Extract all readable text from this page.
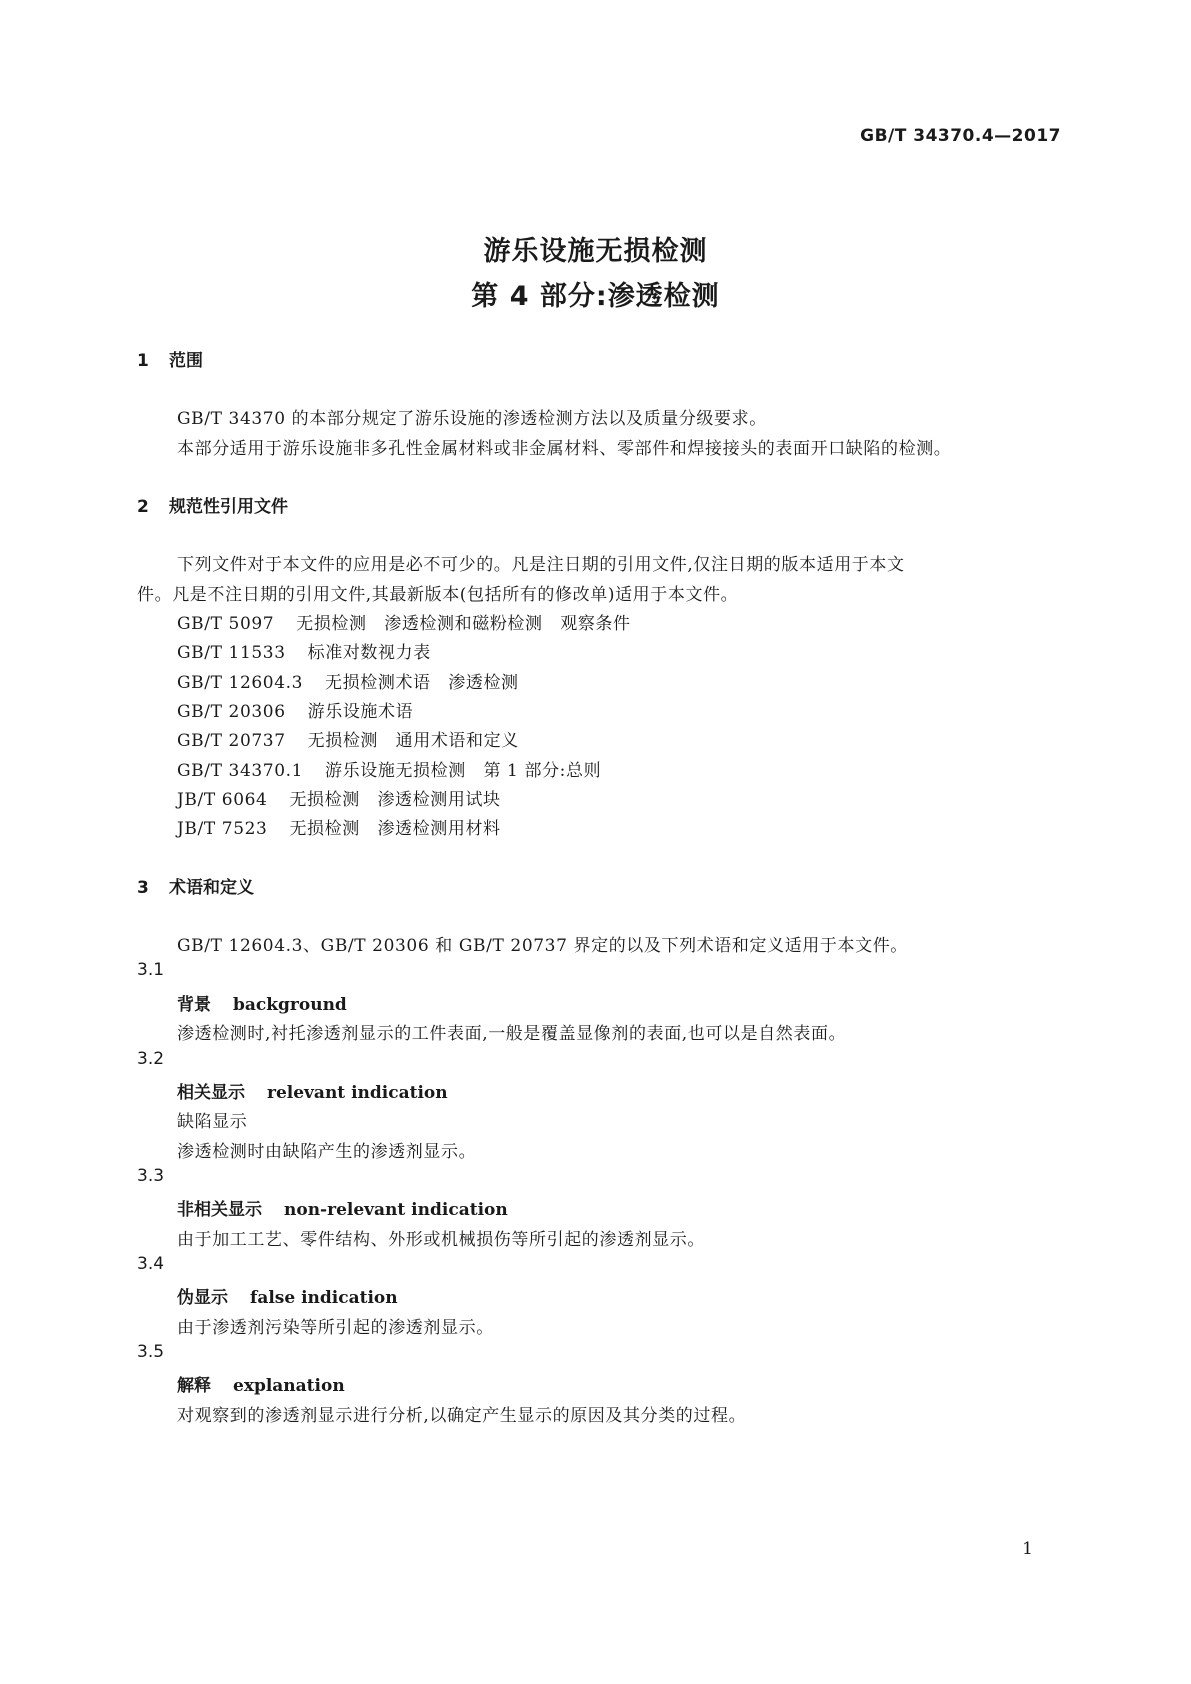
GB/T 34370.4—2017
游乐设施无损检测
第 4 部分:渗透检测
1 范围
GB/T 34370 的本部分规定了游乐设施的渗透检测方法以及质量分级要求。
本部分适用于游乐设施非多孔性金属材料或非金属材料、零部件和焊接接头的表面开口缺陷的检测。
2 规范性引用文件
下列文件对于本文件的应用是必不可少的。凡是注日期的引用文件,仅注日期的版本适用于本文
件。凡是不注日期的引用文件,其最新版本(包括所有的修改单)适用于本文件。
GB/T 5097 无损检测　渗透检测和磁粉检测　观察条件
GB/T 11533 标准对数视力表
GB/T 12604.3 无损检测术语　渗透检测
GB/T 20306 游乐设施术语
GB/T 20737 无损检测　通用术语和定义
GB/T 34370.1 游乐设施无损检测　第 1 部分:总则
JB/T 6064 无损检测　渗透检测用试块
JB/T 7523 无损检测　渗透检测用材料
3 术语和定义
GB/T 12604.3、GB/T 20306 和 GB/T 20737 界定的以及下列术语和定义适用于本文件。
3.1
背景 background
渗透检测时,衬托渗透剂显示的工件表面,一般是覆盖显像剂的表面,也可以是自然表面。
3.2
相关显示 relevant indication
缺陷显示
渗透检测时由缺陷产生的渗透剂显示。
3.3
非相关显示 non-relevant indication
由于加工工艺、零件结构、外形或机械损伤等所引起的渗透剂显示。
3.4
伪显示 false indication
由于渗透剂污染等所引起的渗透剂显示。
3.5
解释 explanation
对观察到的渗透剂显示进行分析,以确定产生显示的原因及其分类的过程。
1
